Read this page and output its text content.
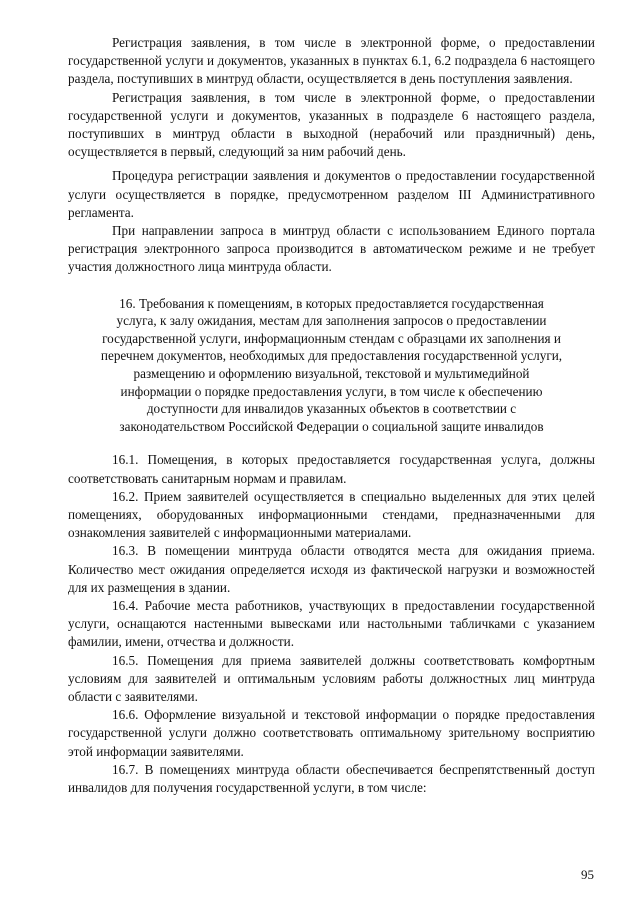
Регистрация заявления, в том числе в электронной форме, о предоставлении государственной услуги и документов, указанных в пунктах 6.1, 6.2 подраздела 6 настоящего раздела, поступивших в минтруд области, осуществляется в день поступления заявления.

Регистрация заявления, в том числе в электронной форме, о предоставлении государственной услуги и документов, указанных в подразделе 6 настоящего раздела, поступивших в минтруд области в выходной (нерабочий или праздничный) день, осуществляется в первый, следующий за ним рабочий день.

Процедура регистрации заявления и документов о предоставлении государственной услуги осуществляется в порядке, предусмотренном разделом III Административного регламента.

При направлении запроса в минтруд области с использованием Единого портала регистрация электронного запроса производится в автоматическом режиме и не требует участия должностного лица минтруда области.

16. Требования к помещениям, в которых предоставляется государственная услуга, к залу ожидания, местам для заполнения запросов о предоставлении государственной услуги, информационным стендам с образцами их заполнения и перечнем документов, необходимых для предоставления государственной услуги, размещению и оформлению визуальной, текстовой и мультимедийной информации о порядке предоставления услуги, в том числе к обеспечению доступности для инвалидов указанных объектов в соответствии с законодательством Российской Федерации о социальной защите инвалидов

16.1. Помещения, в которых предоставляется государственная услуга, должны соответствовать санитарным нормам и правилам.

16.2. Прием заявителей осуществляется в специально выделенных для этих целей помещениях, оборудованных информационными стендами, предназначенными для ознакомления заявителей с информационными материалами.

16.3. В помещении минтруда области отводятся места для ожидания приема. Количество мест ожидания определяется исходя из фактической нагрузки и возможностей для их размещения в здании.

16.4. Рабочие места работников, участвующих в предоставлении государственной услуги, оснащаются настенными вывесками или настольными табличками с указанием фамилии, имени, отчества и должности.

16.5. Помещения для приема заявителей должны соответствовать комфортным условиям для заявителей и оптимальным условиям работы должностных лиц минтруда области с заявителями.

16.6. Оформление визуальной и текстовой информации о порядке предоставления государственной услуги должно соответствовать оптимальному зрительному восприятию этой информации заявителями.

16.7. В помещениях минтруда области обеспечивается беспрепятственный доступ инвалидов для получения государственной услуги, в том числе:

95
